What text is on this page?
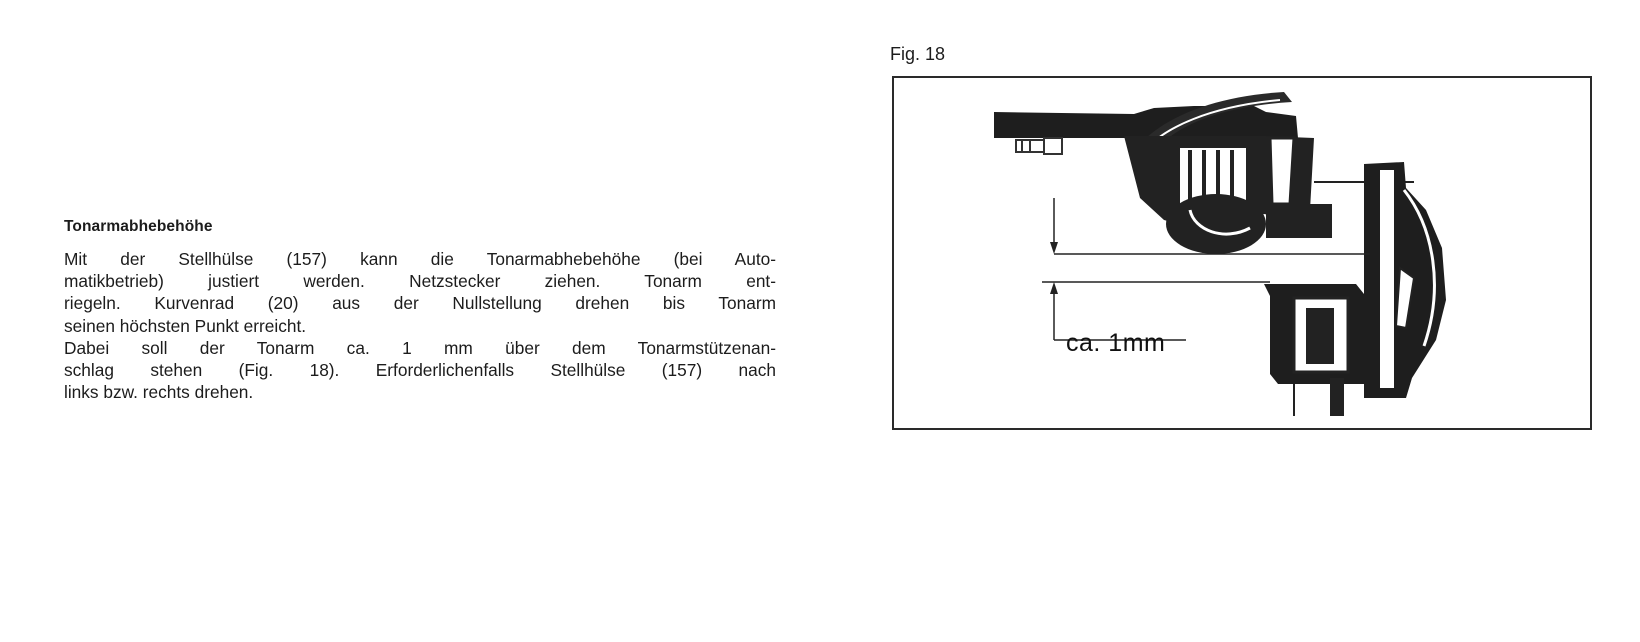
Tonarmabhebehöhe
Mit der Stellhülse (157) kann die Tonarmabhebehöhe (bei Auto-
matikbetrieb) justiert werden. Netzstecker ziehen. Tonarm ent-
riegeln. Kurvenrad (20) aus der Nullstellung drehen bis Tonarm
seinen höchsten Punkt erreicht.
Dabei soll der Tonarm ca. 1 mm über dem Tonarmstützenan-
schlag stehen (Fig. 18). Erforderlichenfalls Stellhülse (157) nach
links bzw. rechts drehen.
Fig. 18
ca. 1mm
